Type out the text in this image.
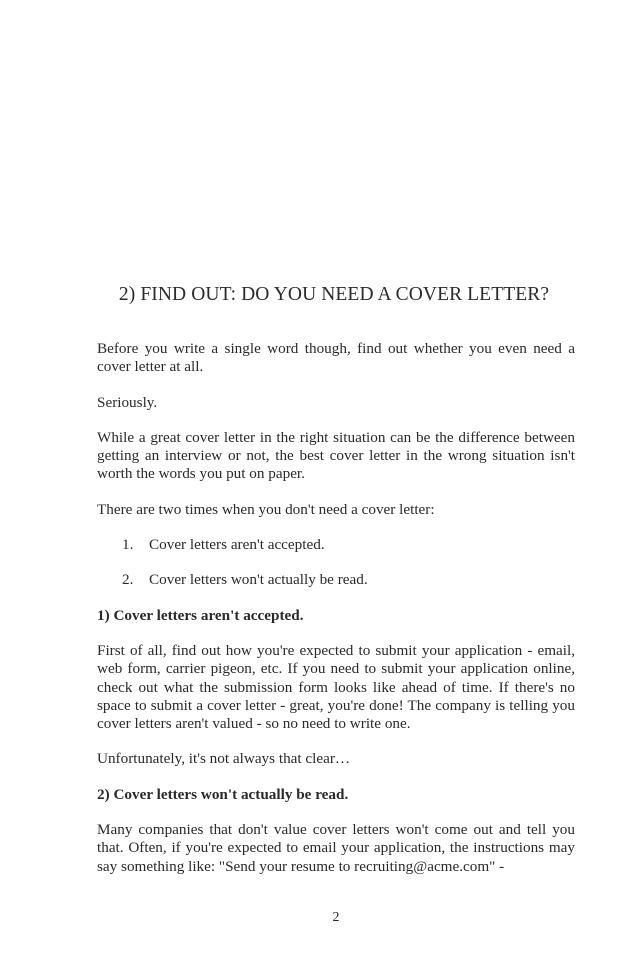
2) FIND OUT: DO YOU NEED A COVER LETTER?

Before you write a single word though, find out whether you even need a cover letter at all.

Seriously.

While a great cover letter in the right situation can be the difference between getting an interview or not, the best cover letter in the wrong situation isn't worth the words you put on paper.

There are two times when you don't need a cover letter:

1.	Cover letters aren't accepted.
2.	Cover letters won't actually be read.

1) Cover letters aren't accepted.

First of all, find out how you're expected to submit your application - email, web form, carrier pigeon, etc. If you need to submit your application online, check out what the submission form looks like ahead of time. If there's no space to submit a cover letter - great, you're done! The company is telling you cover letters aren't valued - so no need to write one.

Unfortunately, it's not always that clear…

2) Cover letters won't actually be read.

Many companies that don't value cover letters won't come out and tell you that. Often, if you're expected to email your application, the instructions may say something like: "Send your resume to recruiting@acme.com" -

2
